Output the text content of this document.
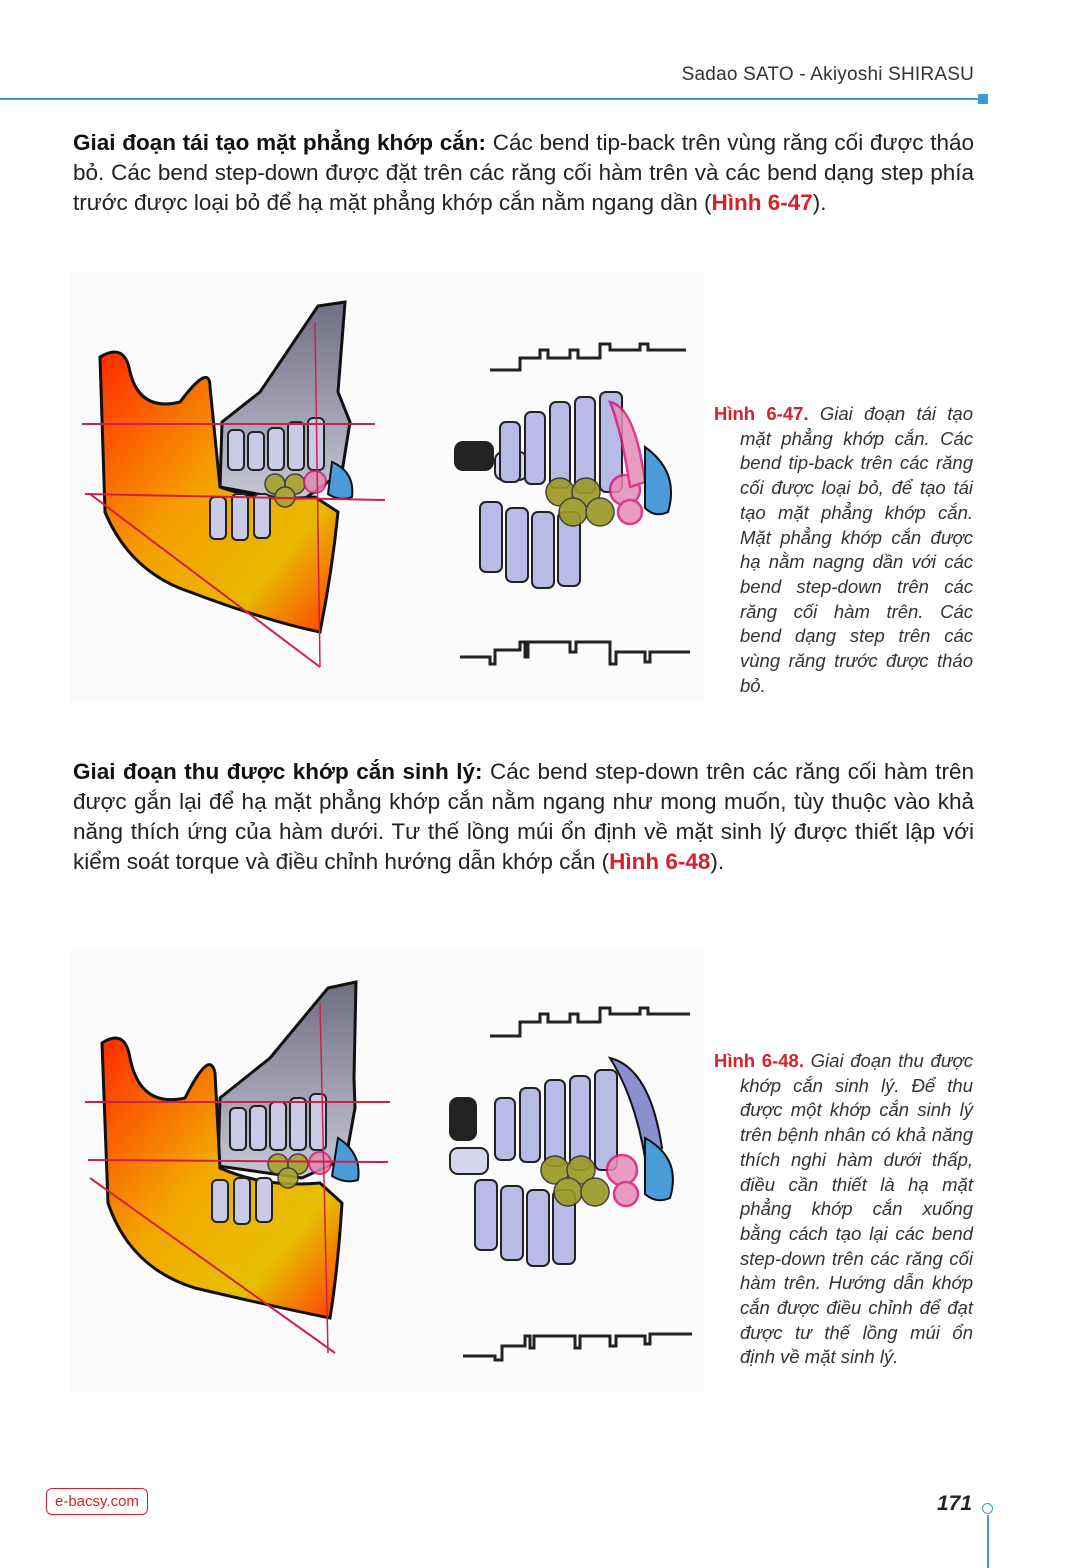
Sadao SATO - Akiyoshi SHIRASU
Giai đoạn tái tạo mặt phẳng khớp cắn: Các bend tip-back trên vùng răng cối được tháo bỏ. Các bend step-down được đặt trên các răng cối hàm trên và các bend dạng step phía trước được loại bỏ để hạ mặt phẳng khớp cắn nằm ngang dần (Hình 6-47).
Hình 6-47. Giai đoạn tái tạo mặt phẳng khớp cắn. Các bend tip-back trên các răng cối được loại bỏ, để tạo tái tạo mặt phẳng khớp cắn. Mặt phẳng khớp cắn được hạ nằm nagng dần với các bend step-down trên các răng cối hàm trên. Các bend dạng step trên các vùng răng trước được tháo bỏ.
Giai đoạn thu được khớp cắn sinh lý: Các bend step-down trên các răng cối hàm trên được gắn lại để hạ mặt phẳng khớp cắn nằm ngang như mong muốn, tùy thuộc vào khả năng thích ứng của hàm dưới. Tư thế lồng múi ổn định về mặt sinh lý được thiết lập với kiểm soát torque và điều chỉnh hướng dẫn khớp cắn (Hình 6-48).
Hình 6-48. Giai đoạn thu được khớp cắn sinh lý. Để thu được một khớp cắn sinh lý trên bệnh nhân có khả năng thích nghi hàm dưới thấp, điều cần thiết là hạ mặt phẳng khớp cắn xuống bằng cách tạo lại các bend step-down trên các răng cối hàm trên. Hướng dẫn khớp cắn được điều chỉnh để đạt được tư thế lồng múi ổn định về mặt sinh lý.
e-bacsy.com	171
